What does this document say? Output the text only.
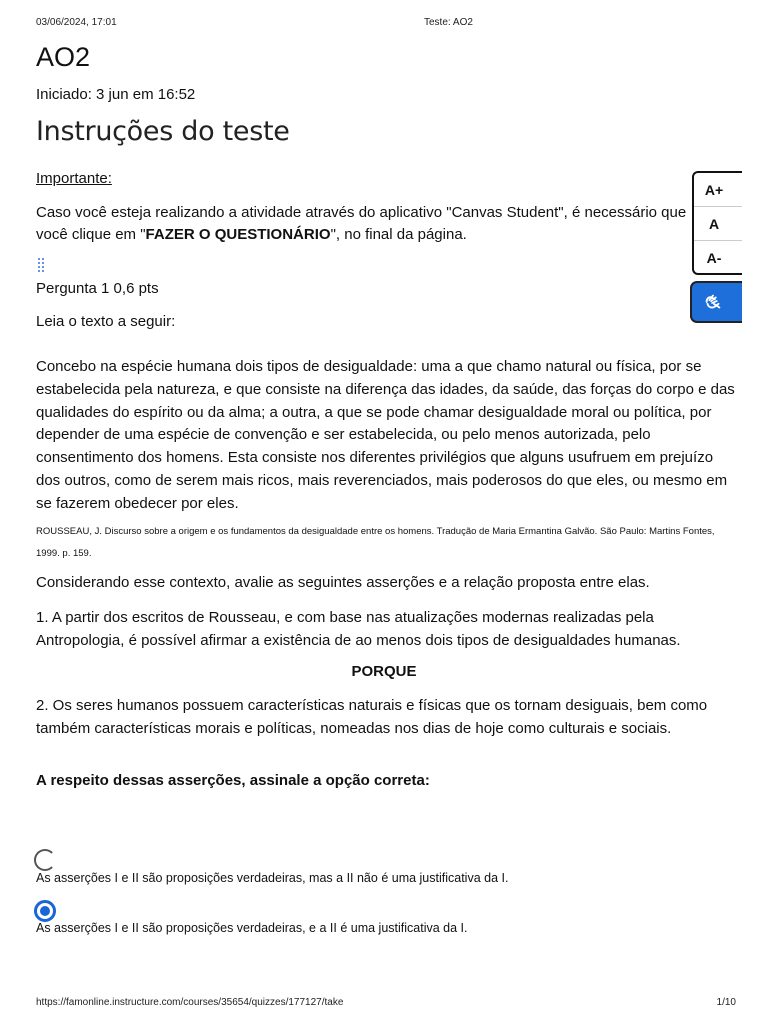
03/06/2024, 17:01	Teste: AO2
AO2
Iniciado: 3 jun em 16:52
Instruções do teste
Importante:
Caso você esteja realizando a atividade através do aplicativo "Canvas Student", é necessário que
você clique em "FAZER O QUESTIONÁRIO", no final da página.
Pergunta 1 0,6 pts
Leia o texto a seguir:
Concebo na espécie humana dois tipos de desigualdade: uma a que chamo natural ou física, por se estabelecida pela natureza, e que consiste na diferença das idades, da saúde, das forças do corpo e das qualidades do espírito ou da alma; a outra, a que se pode chamar desigualdade moral ou política, por depender de uma espécie de convenção e ser estabelecida, ou pelo menos autorizada, pelo consentimento dos homens. Esta consiste nos diferentes privilégios que alguns usufruem em prejuízo dos outros, como de serem mais ricos, mais reverenciados, mais poderosos do que eles, ou mesmo em se fazerem obedecer por eles.
ROUSSEAU, J. Discurso sobre a origem e os fundamentos da desigualdade entre os homens. Tradução de Maria Ermantina Galvão. São Paulo: Martins Fontes, 1999. p. 159.
Considerando esse contexto, avalie as seguintes asserções e a relação proposta entre elas.
1. A partir dos escritos de Rousseau, e com base nas atualizações modernas realizadas pela Antropologia, é possível afirmar a existência de ao menos dois tipos de desigualdades humanas.
PORQUE
2. Os seres humanos possuem características naturais e físicas que os tornam desiguais, bem como também características morais e políticas, nomeadas nos dias de hoje como culturais e sociais.
A respeito dessas asserções, assinale a opção correta:
As asserções I e II são proposições verdadeiras, mas a II não é uma justificativa da I.
As asserções I e II são proposições verdadeiras, e a II é uma justificativa da I.
A+
A
A-
https://famonline.instructure.com/courses/35654/quizzes/177127/take	1/10
